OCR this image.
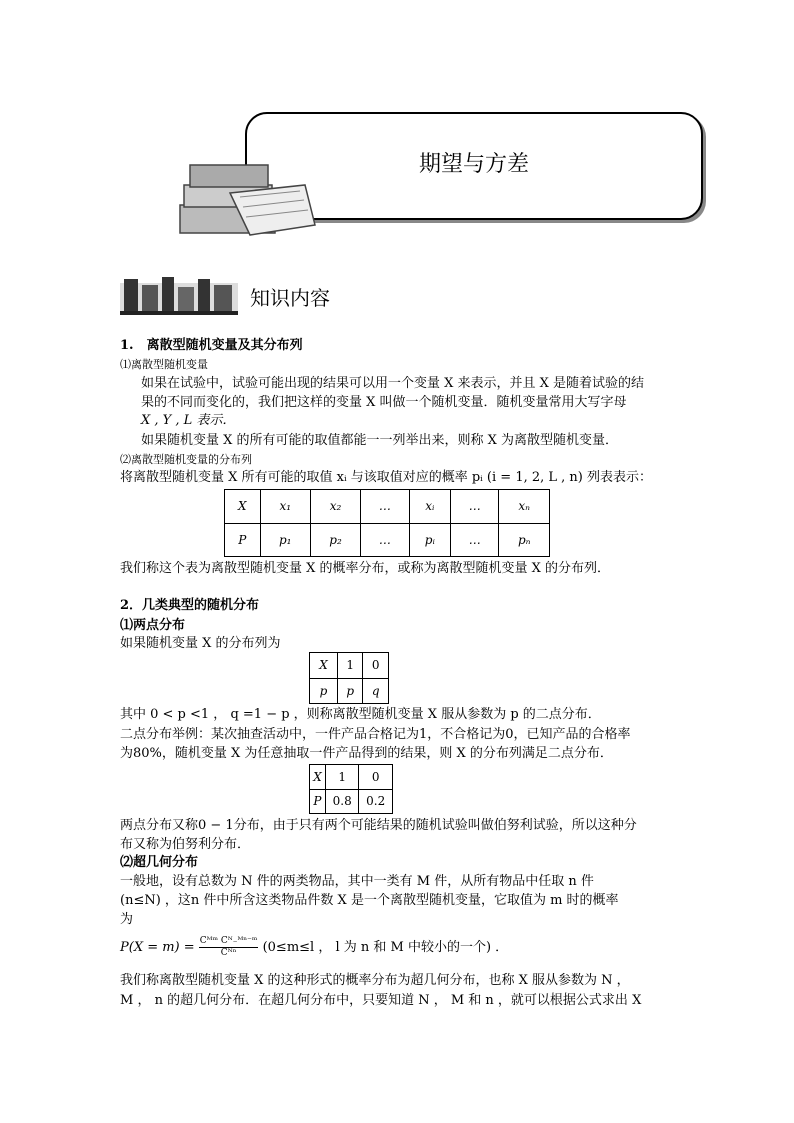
期望与方差
知识内容
1.　离散型随机变量及其分布列
⑴离散型随机变量
如果在试验中，试验可能出现的结果可以用一个变量 X 来表示，并且 X 是随着试验的结
果的不同而变化的，我们把这样的变量 X 叫做一个随机变量．随机变量常用大写字母
X , Y , L 表示．
如果随机变量 X 的所有可能的取值都能一一列举出来，则称 X 为离散型随机变量．
⑵离散型随机变量的分布列
将离散型随机变量 X 所有可能的取值 xᵢ 与该取值对应的概率 pᵢ (i = 1, 2, L , n) 列表表示：
X	x₁	x₂	…	xᵢ	…	xₙ
P	p₁	p₂	…	pᵢ	…	pₙ
我们称这个表为离散型随机变量 X 的概率分布，或称为离散型随机变量 X 的分布列．
2．几类典型的随机分布
⑴两点分布
如果随机变量 X 的分布列为
X	1	0
p	p	q
其中 0 < p <1 ， q =1 − p ，则称离散型随机变量 X 服从参数为 p 的二点分布．
二点分布举例：某次抽查活动中，一件产品合格记为1，不合格记为0，已知产品的合格率
为80%，随机变量 X 为任意抽取一件产品得到的结果，则 X 的分布列满足二点分布．
X	1	0
P	0.8	0.2
两点分布又称0 − 1分布，由于只有两个可能结果的随机试验叫做伯努利试验，所以这种分
布又称为伯努利分布．
⑵超几何分布
一般地，设有总数为 N 件的两类物品，其中一类有 M 件，从所有物品中任取 n 件
(n≤N) ，这n 件中所含这类物品件数 X 是一个离散型随机变量，它取值为 m 时的概率
为
$P(X = m) = \frac{\text{Cᴹᵐ Cᴺ₋ᴹⁿ⁻ᵐ}}{\text{Cᴺⁿ}} (0\le m\le l$ ， l 为 n 和 M 中较小的一个) ．
我们称离散型随机变量 X 的这种形式的概率分布为超几何分布，也称 X 服从参数为 N ，
M ， n 的超几何分布．在超几何分布中，只要知道 N ， M 和 n ，就可以根据公式求出 X
